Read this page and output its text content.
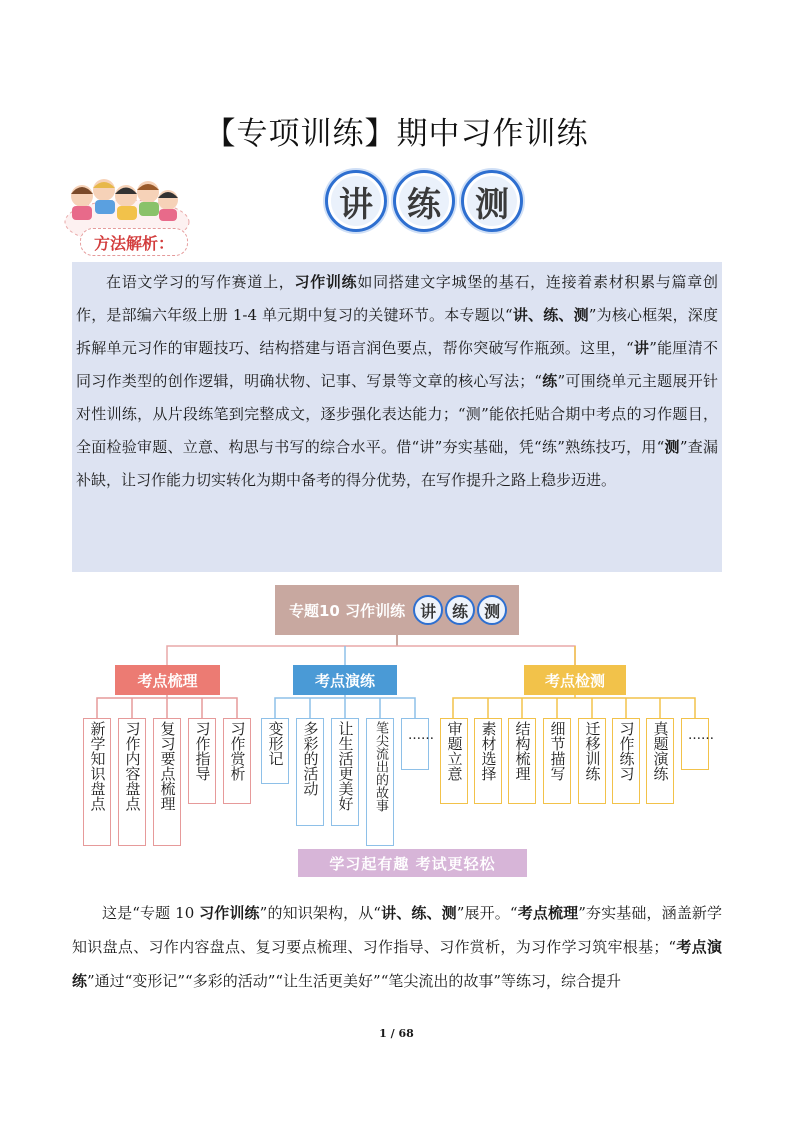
【专项训练】期中习作训练
方法解析：
讲	练	测

在语文学习的写作赛道上，习作训练如同搭建文字城堡的基石，连接着素材积累与篇章创作，是部编六年级上册 1-4 单元期中复习的关键环节。本专题以“讲、练、测”为核心框架，深度拆解单元习作的审题技巧、结构搭建与语言润色要点，帮你突破写作瓶颈。这里，“讲”能厘清不同习作类型的创作逻辑，明确状物、记事、写景等文章的核心写法；“练”可围绕单元主题展开针对性训练，从片段练笔到完整成文，逐步强化表达能力；“测”能依托贴合期中考点的习作题目，全面检验审题、立意、构思与书写的综合水平。借“讲”夯实基础，凭“练”熟练技巧，用“测”查漏补缺，让习作能力切实转化为期中备考的得分优势，在写作提升之路上稳步迈进。

专题10 习作训练 讲 练 测
考点梳理	考点演练	考点检测
新学知识盘点	习作内容盘点	复习要点梳理	习作指导	习作赏析	变形记	多彩的活动	让生活更美好	笔尖流出的故事	…… 审题立意	素材选择	结构梳理	细节描写	迁移训练	习作练习	真题演练	……
学习起有趣 考试更轻松

这是“专题 10 习作训练”的知识架构，从“讲、练、测”展开。“考点梳理”夯实基础，涵盖新学知识盘点、习作内容盘点、复习要点梳理、习作指导、习作赏析，为习作学习筑牢根基；“考点演练”通过“变形记”“多彩的活动”“让生活更美好”“笔尖流出的故事”等练习，综合提升

1 / 68
